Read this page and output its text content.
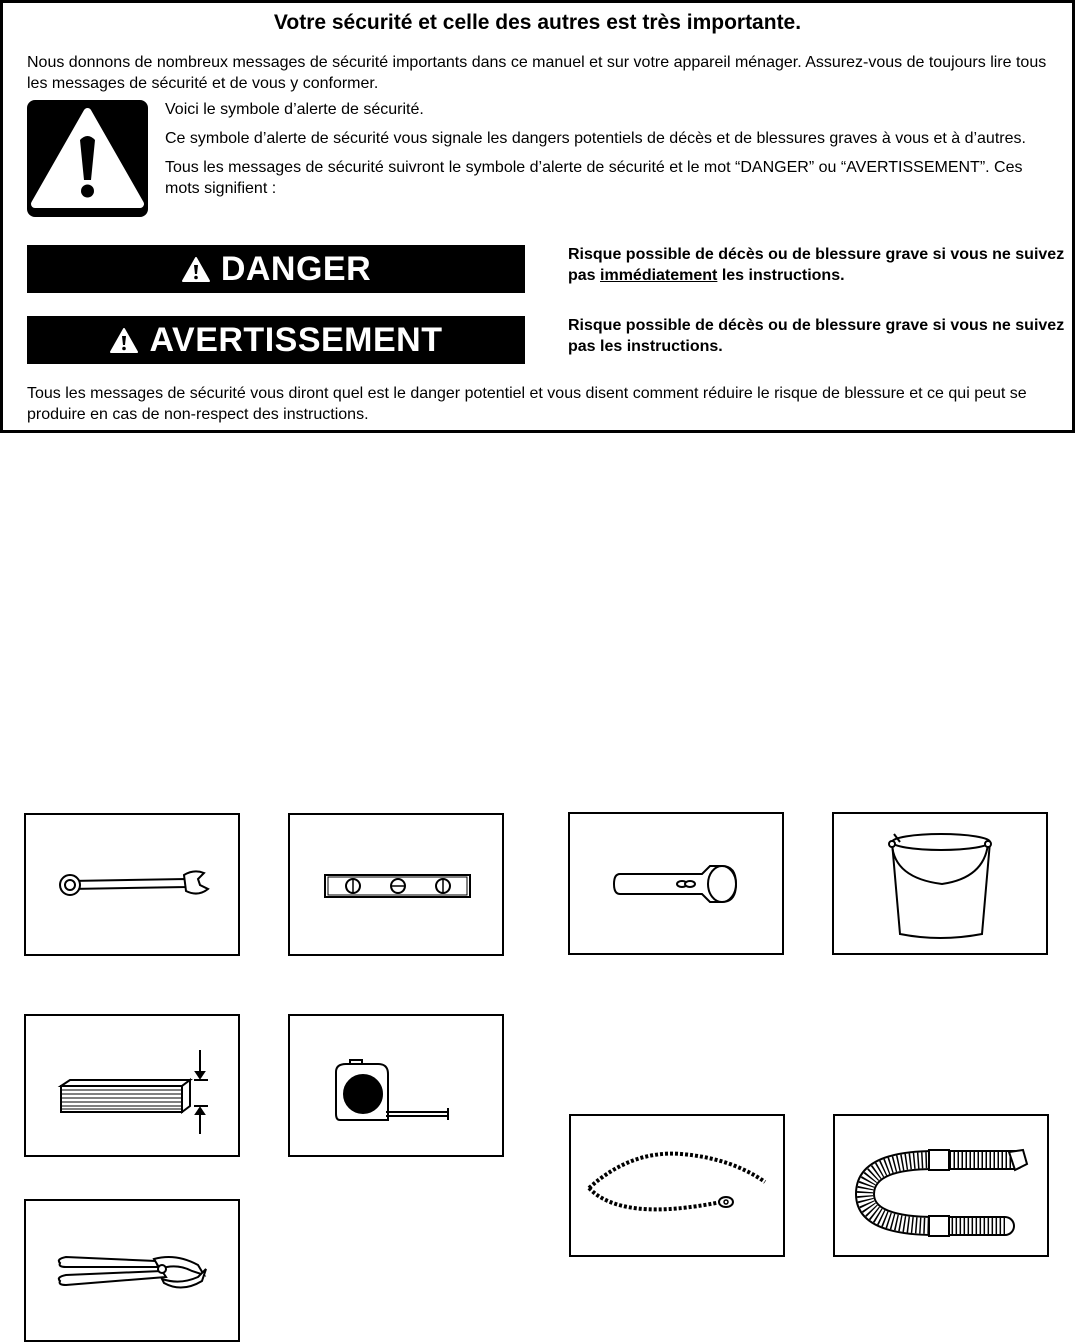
Votre sécurité et celle des autres est très importante.
Nous donnons de nombreux messages de sécurité importants dans ce manuel et sur votre appareil ménager. Assurez-vous de toujours lire tous les messages de sécurité et de vous y conformer.

Voici le symbole d’alerte de sécurité.

Ce symbole d’alerte de sécurité vous signale les dangers potentiels de décès et de blessures graves à vous et à d’autres.

Tous les messages de sécurité suivront le symbole d’alerte de sécurité et le mot “DANGER” ou “AVERTISSEMENT”. Ces mots signifient :

DANGER	Risque possible de décès ou de blessure grave si vous ne suivez pas immédiatement les instructions.
AVERTISSEMENT	Risque possible de décès ou de blessure grave si vous ne suivez pas les instructions.
Tous les messages de sécurité vous diront quel est le danger potentiel et vous disent comment réduire le risque de blessure et ce qui peut se produire en cas de non-respect des instructions.
